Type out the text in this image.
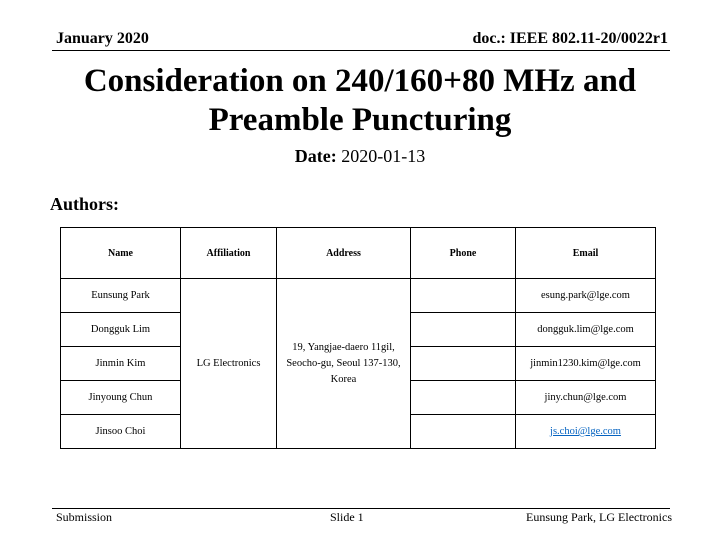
January 2020	doc.: IEEE 802.11-20/0022r1
Consideration on 240/160+80 MHz and
Preamble Puncturing
Date: 2020-01-13
Authors:
Name	Affiliation	Address	Phone	Email
Eunsung Park	LG Electronics	19, Yangjae-daero 11gil, Seocho-gu, Seoul 137-130, Korea		esung.park@lge.com
Dongguk Lim				dongguk.lim@lge.com
Jinmin Kim				jinmin1230.kim@lge.com
Jinyoung Chun				jiny.chun@lge.com
Jinsoo Choi				js.choi@lge.com
Submission	Slide 1	Eunsung Park, LG Electronics
